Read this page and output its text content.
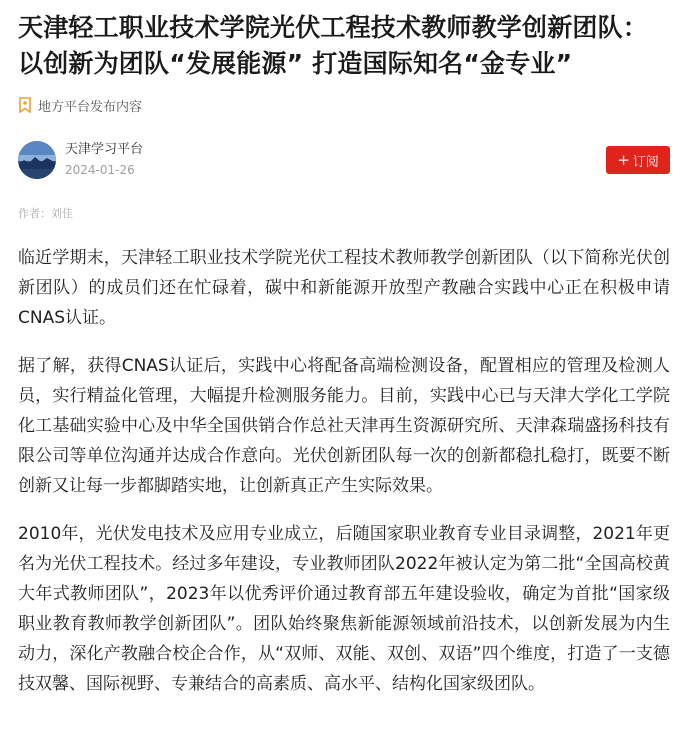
天津轻工职业技术学院光伏工程技术教师教学创新团队：以创新为团队“发展能源” 打造国际知名“金专业”
地方平台发布内容
天津学习平台
2024-01-26
+ 订阅
作者：刘佳

临近学期末，天津轻工职业技术学院光伏工程技术教师教学创新团队（以下简称光伏创新团队）的成员们还在忙碌着，碳中和新能源开放型产教融合实践中心正在积极申请CNAS认证。

据了解，获得CNAS认证后，实践中心将配备高端检测设备，配置相应的管理及检测人员，实行精益化管理，大幅提升检测服务能力。目前，实践中心已与天津大学化工学院化工基础实验中心及中华全国供销合作总社天津再生资源研究所、天津森瑞盛扬科技有限公司等单位沟通并达成合作意向。光伏创新团队每一次的创新都稳扎稳打，既要不断创新又让每一步都脚踏实地，让创新真正产生实际效果。

2010年，光伏发电技术及应用专业成立，后随国家职业教育专业目录调整，2021年更名为光伏工程技术。经过多年建设，专业教师团队2022年被认定为第二批“全国高校黄大年式教师团队”，2023年以优秀评价通过教育部五年建设验收，确定为首批“国家级职业教育教师教学创新团队”。团队始终聚焦新能源领域前沿技术，以创新发展为内生动力，深化产教融合校企合作，从“双师、双能、双创、双语”四个维度，打造了一支德技双馨、国际视野、专兼结合的高素质、高水平、结构化国家级团队。
